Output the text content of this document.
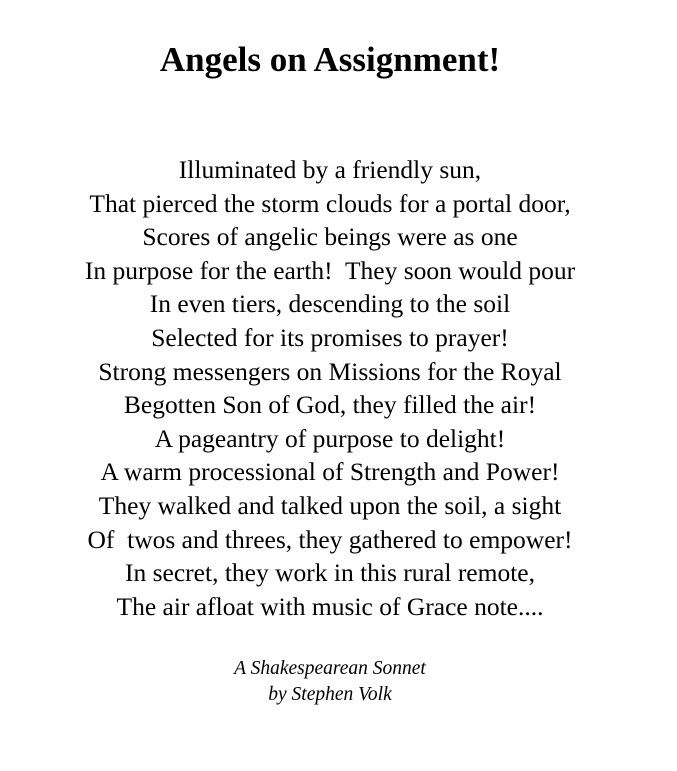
Angels on Assignment!
Illuminated by a friendly sun,
That pierced the storm clouds for a portal door,
Scores of angelic beings were as one
In purpose for the earth!  They soon would pour
In even tiers, descending to the soil
Selected for its promises to prayer!
Strong messengers on Missions for the Royal
Begotten Son of God, they filled the air!
A pageantry of purpose to delight!
A warm processional of Strength and Power!
They walked and talked upon the soil, a sight
Of  twos and threes, they gathered to empower!
In secret, they work in this rural remote,
The air afloat with music of Grace note....
A Shakespearean Sonnet
by Stephen Volk
